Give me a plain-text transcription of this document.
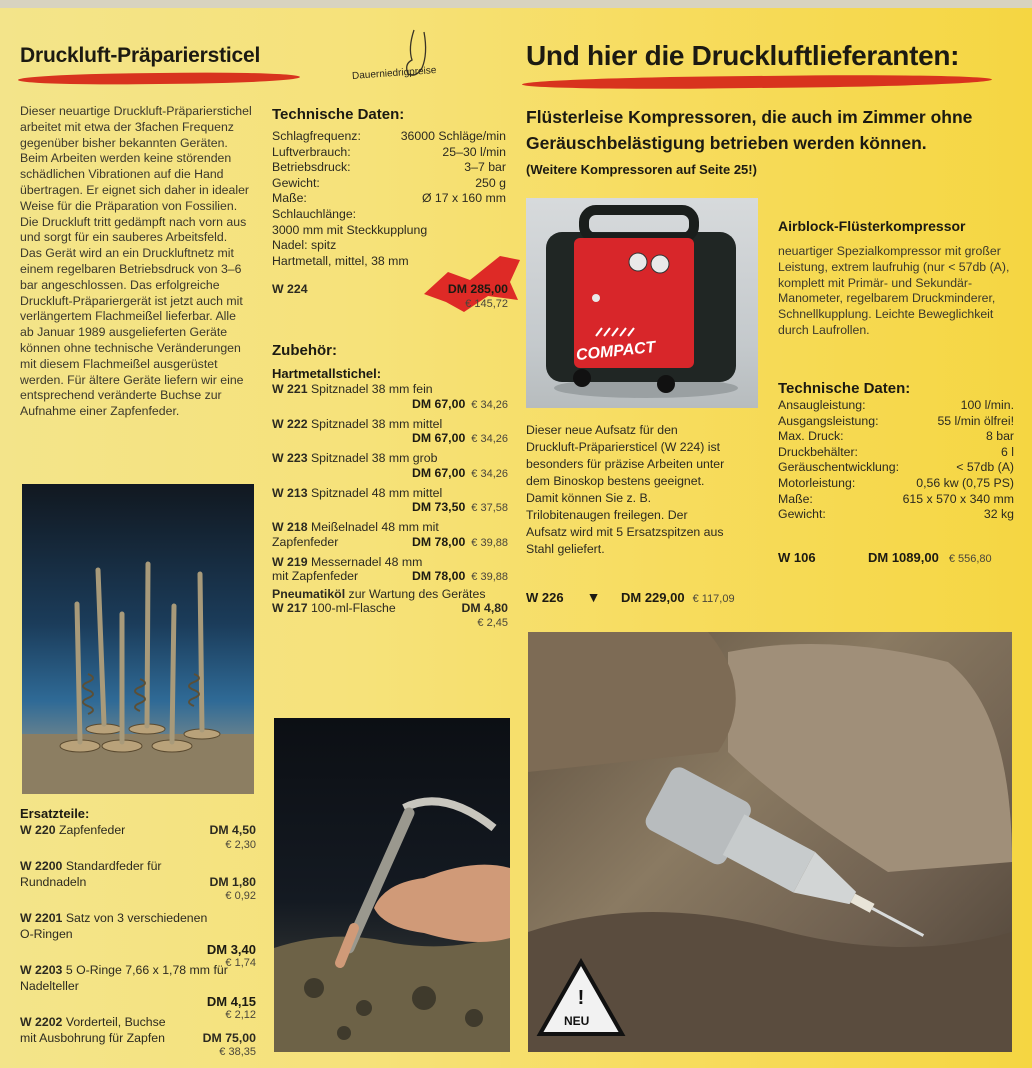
Druckluft-Präpariersticel
Dieser neuartige Druckluft-Präparierstichel arbeitet mit etwa der 3fachen Frequenz gegenüber bisher bekannten Geräten. Beim Arbeiten werden keine störenden schädlichen Vibrationen auf die Hand übertragen. Er eignet sich daher in idealer Weise für die Präparation von Fossilien. Die Druckluft tritt gedämpft nach vorn aus und sorgt für ein sauberes Arbeitsfeld. Das Gerät wird an ein Druckluftnetz mit einem regelbaren Betriebsdruck von 3–6 bar angeschlossen. Das erfolgreiche Druckluft-Präpariergerät ist jetzt auch mit verlängertem Flachmeißel lieferbar. Alle ab Januar 1989 ausgelieferten Geräte können ohne technische Veränderungen mit diesem Flachmeißel ausgerüstet werden. Für ältere Geräte liefern wir eine entsprechend veränderte Buchse zur Aufnahme einer Zapfenfeder.
Ersatzteile:
W 220 Zapfenfeder	DM 4,50
€ 2,30
W 2200 Standardfeder für Rundnadeln	DM 1,80
€ 0,92
W 2201 Satz von 3 verschiedenen O-Ringen
DM 3,40
€ 1,74
W 2203 5 O-Ringe 7,66 x 1,78 mm für Nadelteller
DM 4,15
€ 2,12
W 2202 Vorderteil, Buchse mit Ausbohrung für Zapfen	DM 75,00
€ 38,35
Dauerniedrigpreise
Technische Daten:
Schlagfrequenz:	36000 Schläge/min
Luftverbrauch:	25–30 l/min
Betriebsdruck:	3–7 bar
Gewicht:	250 g
Maße:	Ø 17 x 160 mm
Schlauchlänge:
3000 mm mit Steckkupplung
Nadel: spitz
Hartmetall, mittel, 38 mm
W 224	DM 285,00
€ 145,72
Zubehör:
Hartmetallstichel:
W 221 Spitznadel 38 mm fein
DM 67,00 € 34,26
W 222 Spitznadel 38 mm mittel
DM 67,00 € 34,26
W 223 Spitznadel 38 mm grob
DM 67,00 € 34,26
W 213 Spitznadel 48 mm mittel
DM 73,50 € 37,58
W 218 Meißelnadel 48 mm mit Zapfenfeder	DM 78,00 € 39,88
W 219 Messernadel 48 mm mit Zapfenfeder	DM 78,00 € 39,88
Pneumatiköl zur Wartung des Gerätes
W 217 100-ml-Flasche	DM 4,80
€ 2,45
Und hier die Druckluftlieferanten:
Flüsterleise Kompressoren, die auch im Zimmer ohne Geräuschbelästigung betrieben werden können.
(Weitere Kompressoren auf Seite 25!)
COMPACT
Airblock-Flüsterkompressor
neuartiger Spezialkompressor mit großer Leistung, extrem laufruhig (nur < 57db (A), komplett mit Primär- und Sekundär-Manometer, regelbarem Druckminderer, Schnellkupplung. Leichte Beweglichkeit durch Laufrollen.
Technische Daten:
Ansaugleistung:	100 l/min.
Ausgangsleistung:	55 l/min ölfrei!
Max. Druck:	8 bar
Druckbehälter:	6 l
Geräuschentwicklung:	< 57db (A)
Motorleistung:	0,56 kw (0,75 PS)
Maße:	615 x 570 x 340 mm
Gewicht:	32 kg
W 106	DM 1089,00 € 556,80
Dieser neue Aufsatz für den Druckluft-Präpariersticel (W 224) ist besonders für präzise Arbeiten unter dem Binoskop bestens geeignet. Damit können Sie z. B. Trilobitenaugen freilegen. Der Aufsatz wird mit 5 Ersatzspitzen aus Stahl geliefert.
W 226	▼	DM 229,00 € 117,09
!
NEU
